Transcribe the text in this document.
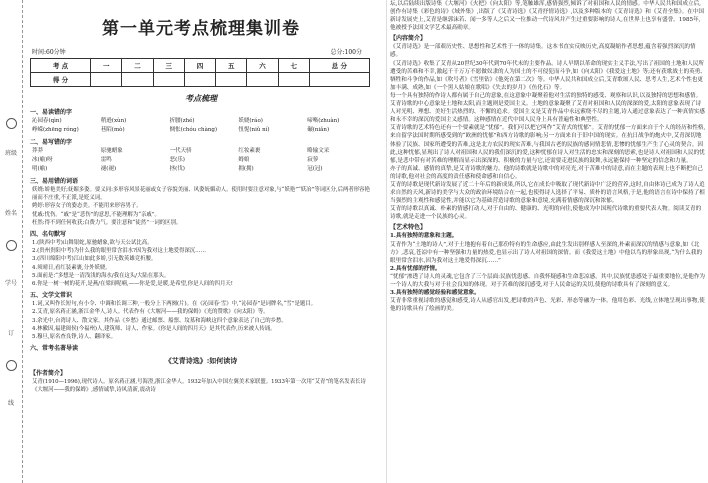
班级
姓名
学号
订
线
第一单元考点梳理集训卷
时间:60分钟	总分:100分
考 点	一	二	三	四	五	六	七	总 分
得 分								
考点梳理
一、易读错的字
沁园春(qìn)	稍逊(xùn)	折腰(zhé)	妖娆(ráo)	啼啭(zhuàn)
峥嵘(zhēng róng)	巷陌(mò)	惆怅(chóu chàng)	忸怩(niǔ ní)	碾(niǎn)
二、易写错的字
莽莽	原驰蜡象	一代天骄	红妆素裹	略输文采
冰(喻)呀	雷鸣	恶(乐)	姆娘	寂蓼
明(喻)	褪(褪)	拯(伐)	拥(拥)	冠(冠)
三、易用错的词语
妖娆:娇艳美好;妩媚多姿。要义同:多形容风景花丽或女子容貌美丽、风姿妩媚动人。使用时要注意对象,与“妖艳”“妖冶”等词区分,后两者形容艳丽而不庄重,不正派,是贬义词。
娉婷:形容女子的姿态美。不能用来形容男子。
忧戚:忧伤。“戚”是“悲伤”的意思,不能理解为“亲戚”。
枉然:得不到任何收获;白费力气。要注意和“徒然”一词的区别。
四、名句默写
1.(陕西中考)山舞银蛇,原驰蜡象,欲与天公试比高。
2.(贵州贵阳中考)为什么我的眼里常含泪水?因为我对这土地爱得深沉……
3.(四川绵阳中考)江山如此多娇,引无数英雄竞折腰。
4.须晴日,看红装素裹,分外妖娆。
5.面前是:“多想是一清浅浅的海水/我在这头/大陆在那头。
6.你是一树一树的花开,是燕/在梁间呢喃,——你是爱,是暖,是希望,你是人间的四月天!
五、文学文常识
1.词,又叫作长短句,有小令、中调和长调三种,一般分上下两阕(片)。在《沁园春·雪》中,“沁园春”是词牌名,“雪”是题目。
2.艾青,原名蒋正涵,浙江金华人,诗人。代表作有《大堰河——我的保姆》《光的赞歌》《向太阳》等。
3.余光中,台湾诗人、散文家。其作品《乡愁》通过邮票、船票、坟墓和海峡这四个意象表达了自己的乡愁。
4.林徽因,福建闽侯(今福州)人,建筑师、诗人、作家。《你是人间的四月天》是其代表作,历来被人传诵。
5.穆旦,原名查良铮,诗人、翻译家。
六、常考名著导读
《艾青诗选》:如何读诗
【作者简介】
艾青(1910—1996),现代诗人。原名蒋正涵,号海澄,浙江金华人。1932年加入中国左翼美术家联盟。1933年第一次用“艾青”的笔名发表长诗《大堰河——我的保姆》,感情诚挚,诗风清新,震动诗

坛,以后陆续出版诗集《大堰河》《火把》《向太阳》等,笔触雄浑,感情强烈,倾诉了对祖国和人民的情感。中华人民共和国成立后,创作有诗集《彩色的诗》《域外集》,出版了《艾青诗选》《艾青抒情诗选》,以及多种版本的《艾青诗选》和《艾青全集》。在中国新诗发展史上,艾青是继郭沫若、闻一多等人之后又一位推动一代诗风并产生过重要影响的诗人,在世界上也享有盛誉。1985年,他被授予法国文学艺术最高勋章。

【内容简介】

《艾青诗选》是一部艰历史性、思想性和艺术性于一体的诗集。这本书直实反映历史,高度凝缩作者思想,蕴含着强烈深沉的情感。

《艾青诗选》收集了艾青从20世纪30年代到70年代末的主要作品。诗人早期以革命的现实主义手法,写出了祖国的土地和人民所遭受的苦难和不幸,激起千千万万不愿做奴隶的人为国土的不可侵犯而斗争,如《向太阳》《我爱这土地》等;还有获歌战士的英勇、牺牲和斗争的作品,如《吹号者》《雪里钻》《他死在第二次》等。中华人民共和国成立后,艾青歌颂人民、思考人生,艺术个性也更加丰满、成熟,如《一个黑人姑娘在歌唱》《失去的岁月》《鱼化石》等。

每一个具有独特的作诗人都有属于自己的意象,在这意象中凝聚着他对生活的独特的感受、观察和认识,以及独特的思想和感情。艾青诗歌的中心意象是土地和太阳,而主题则是爱国主义。土地的意象凝聚了艾青对祖国和人民的深深的爱,太阳的意象表现了诗人对光明、理想、美好生活热烈的、不懈的追求。爱国主义是艾青作品中永远萦绕不尽的主题,诗人通过意象表达了一种真情实感和永不幸的深沉的爱国主义感情。这种感情在近代中国人民身上具有普遍性和典型性。

艾青诗歌的艺术特色还有一个要素就是“忧郁”。我们可以把它叫作“艾青式的忧郁”。艾青的忧郁一方面来自于个人的经历和性格,来自留学法国时期所感受到的“欧洲的忧郁”和西方诗歌的影响;另一方面来自于旧中国的现实。在抗日战争的炮火中,艾青深切地体验了民族、国家所遭受的苦难,这是北方农民的现实苦难,与我国古老的民族的感同情悲情,悲惨的忧郁生产生了心灵的契合。因此,这种忧郁,显现出了诗人对祖国和人民的我们深沉的爱,这种忧郁在诗人对生活的忠实和深刻的思索,也是诗人对祖国和人民的忧郁,是悲中带有对苦难的理解而显示出深深的、积极的力量与它,还需要走进民族的鼓舞,永远能保持一种坚定的信念和力量。

亦子的真诚、感情的真挚,是艾青诗歌的魅力。他的诗歌就是诗歌中的对亮光,对于苦难中的诗意,而在主题的表现上也不断把自己的诗歌,他对社会的高度的责任感和使命感和自信心。

艾青的诗歌是现代新诗发展了近二十年后的新成果,所以,它在成长中吸取了现代新诗中广泛的营养,这时,自由体诗已成为了诗人追求自然的天风,新诗的美学与大众的政治环境结合在一起,也使得诗人选择了平易、质朴的语言风格,于是,他的语言在诗中保持了相当强烈的主观性和感觉性,并能以它为基础营造诗歌的意象和意境,充满着情感的深沉和浓郁。

艾青的诗歌以真诚、朴素的情感打动人,对于自由的、健康的、光明的向往,使他成为中国现代诗歌的重要代表人物。阅读艾青的诗歌,就是走进一个民族的心灵。

【艺术特色】

1.具有独特的意象和主题。

艾青作为“土地的诗人”,对于土地抱有着自己那份特有的生命感应,由此生发出别样感人至深的,朴素而深沉的情感与意象,如《北方》,悲哀,苍凉中有一种坚强和力量的热爱,也显示出了诗人对祖国的深情。而《我爱这土地》中他以鸟的形象出现,“为什么我的眼里常含泪水,因为我对这土地爱得深沉……”

2.具有忧郁的抒情。

“忧郁”渗透了诗人的灵魂,它包含了三个层面:民族忧患感、自我怀疑感和生命悲凉感。其中,民族忧患感处于最重要地位,是他作为一个诗人的大我与对于社会良知的体现。对于苦难的深沉感受,对于人民命运的关切,使他的诗歌具有了深刻的意义。

3.具有独特的感觉经验和感觉意象。

艾青非常重视诗歌的感觉和感受,诗人从感官出发,把诗歌的声色、光彩、形态等融为一体。他用色彩、光线,立体地呈现出事物,使他的诗歌具有了绘画的美。
